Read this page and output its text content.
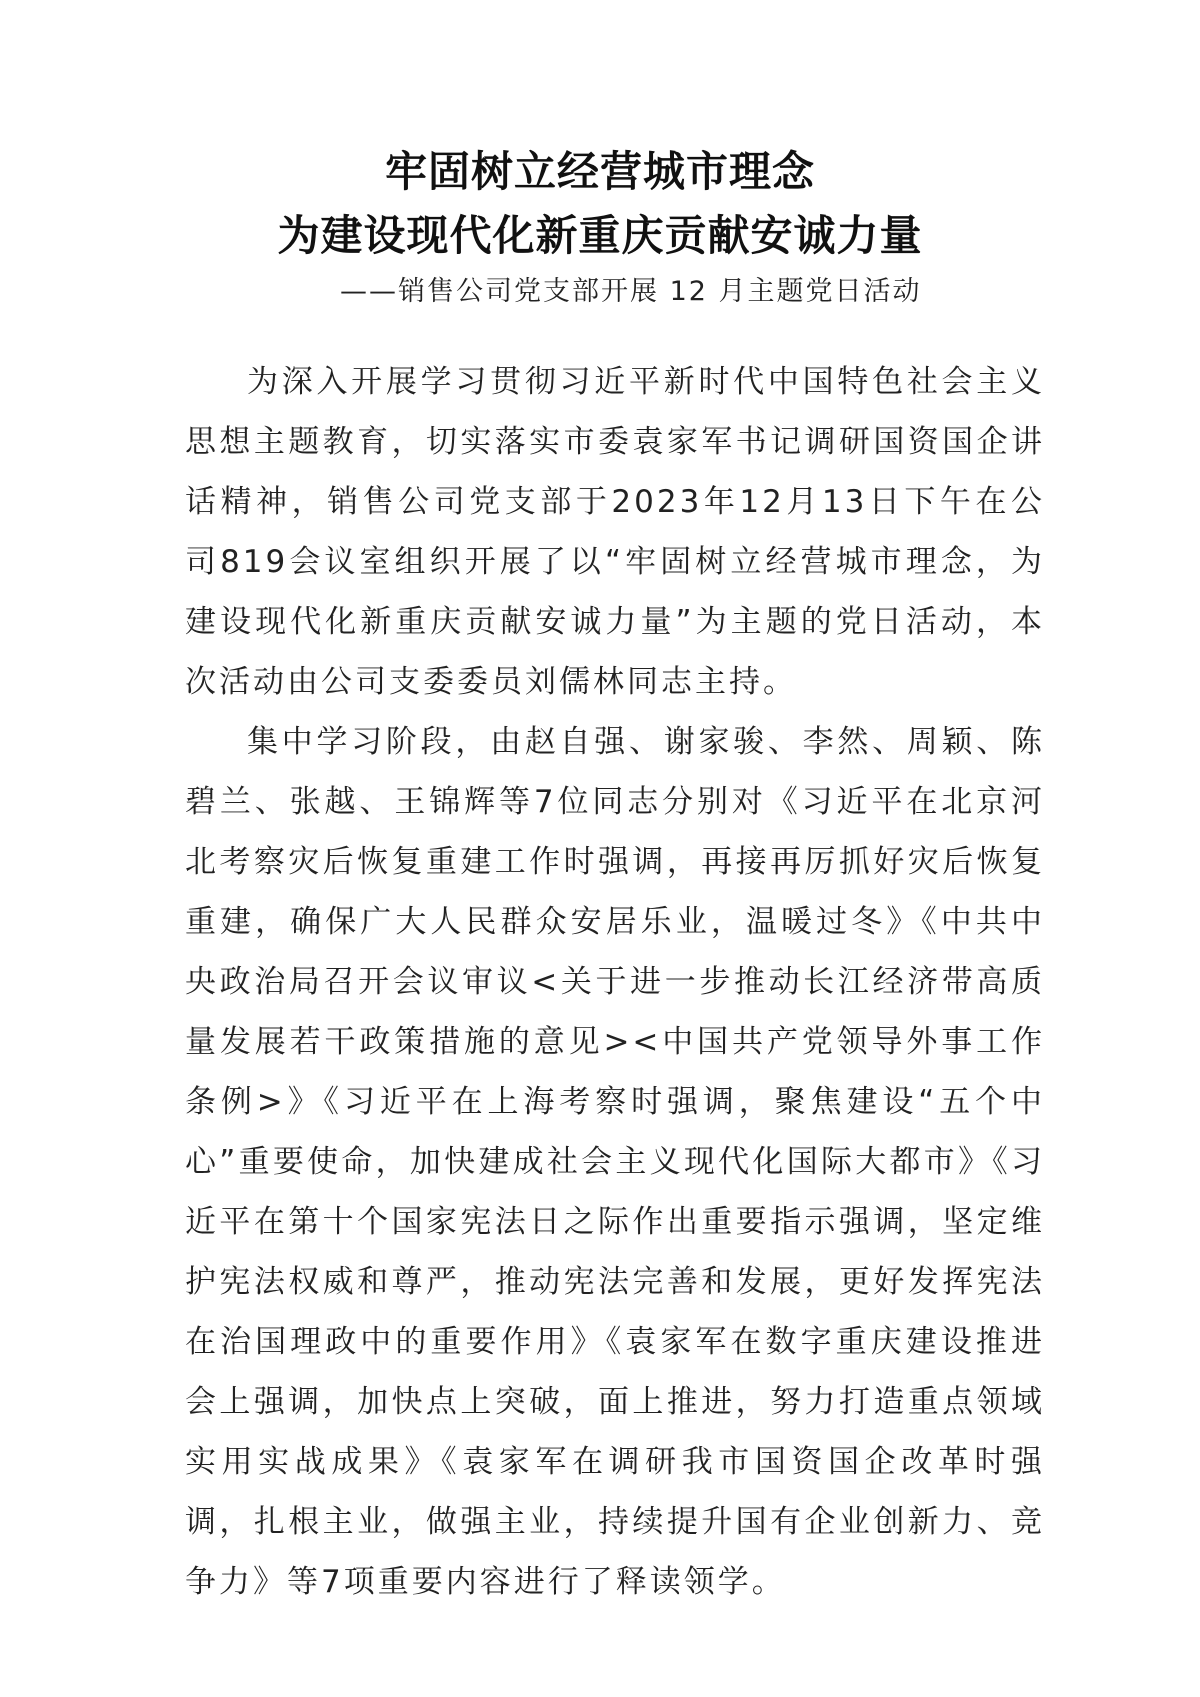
牢固树立经营城市理念
为建设现代化新重庆贡献安诚力量
——销售公司党支部开展 12 月主题党日活动

为深入开展学习贯彻习近平新时代中国特色社会主义思想主题教育，切实落实市委袁家军书记调研国资国企讲话精神，销售公司党支部于2023年12月13日下午在公司819会议室组织开展了以“牢固树立经营城市理念，为建设现代化新重庆贡献安诚力量”为主题的党日活动，本次活动由公司支委委员刘儒林同志主持。

集中学习阶段，由赵自强、谢家骏、李然、周颖、陈碧兰、张越、王锦辉等7位同志分别对《习近平在北京河北考察灾后恢复重建工作时强调，再接再厉抓好灾后恢复重建，确保广大人民群众安居乐业，温暖过冬》《中共中央政治局召开会议审议<关于进一步推动长江经济带高质量发展若干政策措施的意见><中国共产党领导外事工作条例>》《习近平在上海考察时强调，聚焦建设“五个中心”重要使命，加快建成社会主义现代化国际大都市》《习近平在第十个国家宪法日之际作出重要指示强调，坚定维护宪法权威和尊严，推动宪法完善和发展，更好发挥宪法在治国理政中的重要作用》《袁家军在数字重庆建设推进会上强调，加快点上突破，面上推进，努力打造重点领域实用实战成果》《袁家军在调研我市国资国企改革时强调，扎根主业，做强主业，持续提升国有企业创新力、竞争力》等7项重要内容进行了释读领学。
